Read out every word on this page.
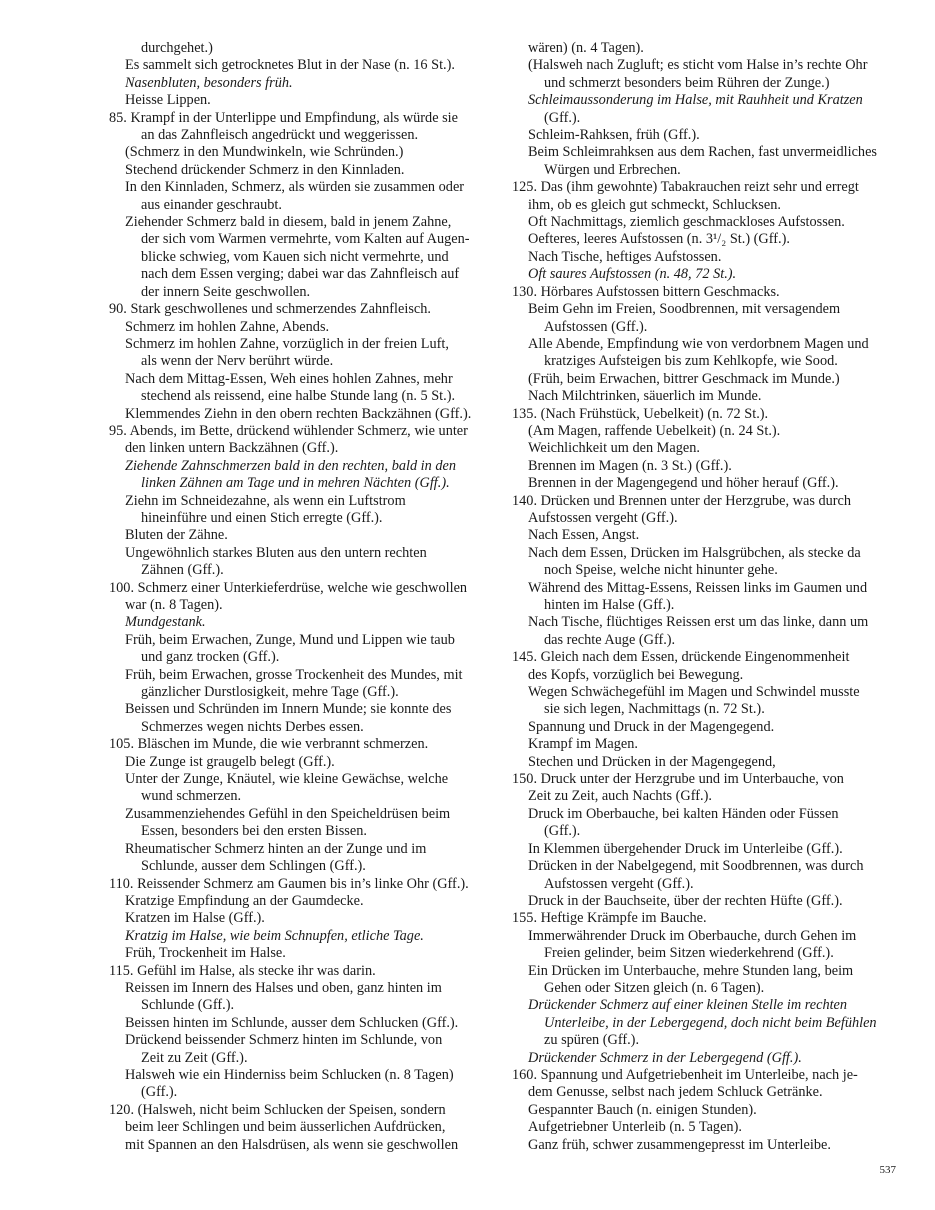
durchgehet.)

Es sammelt sich getrocknetes Blut in der Nase (n. 16 St.).

Nasenbluten, besonders früh.

Heisse Lippen.

85. Krampf in der Unterlippe und Empfindung, als würde sie

an das Zahnfleisch angedrückt und weggerissen.

(Schmerz in den Mundwinkeln, wie Schründen.)

Stechend drückender Schmerz in den Kinnladen.

In den Kinnladen, Schmerz, als würden sie zusammen oder

aus einander geschraubt.

Ziehender Schmerz bald in diesem, bald in jenem Zahne,

der sich vom Warmen vermehrte, vom Kalten auf Augen-

blicke schwieg, vom Kauen sich nicht vermehrte, und

nach dem Essen verging; dabei war das Zahnfleisch auf

der innern Seite geschwollen.

90. Stark geschwollenes und schmerzendes Zahnfleisch.

Schmerz im hohlen Zahne, Abends.

Schmerz im hohlen Zahne, vorzüglich in der freien Luft,

als wenn der Nerv berührt würde.

Nach dem Mittag-Essen, Weh eines hohlen Zahnes, mehr

stechend als reissend, eine halbe Stunde lang (n. 5 St.).

Klemmendes Ziehn in den obern rechten Backzähnen (Gff.).

95. Abends, im Bette, drückend wühlender Schmerz, wie unter

den linken untern Backzähnen (Gff.).

Ziehende Zahnschmerzen bald in den rechten, bald in den

linken Zähnen am Tage und in mehren Nächten (Gff.).

Ziehn im Schneidezahne, als wenn ein Luftstrom

hineinführe und einen Stich erregte (Gff.).

Bluten der Zähne.

Ungewöhnlich starkes Bluten aus den untern rechten

Zähnen (Gff.).

100. Schmerz einer Unterkieferdrüse, welche wie geschwollen

war (n. 8 Tagen).

Mundgestank.

Früh, beim Erwachen, Zunge, Mund und Lippen wie taub

und ganz trocken (Gff.).

Früh, beim Erwachen, grosse Trockenheit des Mundes, mit

gänzlicher Durstlosigkeit, mehre Tage (Gff.).

Beissen und Schründen im Innern Munde; sie konnte des

Schmerzes wegen nichts Derbes essen.

105. Bläschen im Munde, die wie verbrannt schmerzen.

Die Zunge ist graugelb belegt (Gff.).

Unter der Zunge, Knäutel, wie kleine Gewächse, welche

wund schmerzen.

Zusammenziehendes Gefühl in den Speicheldrüsen beim

Essen, besonders bei den ersten Bissen.

Rheumatischer Schmerz hinten an der Zunge und im

Schlunde, ausser dem Schlingen (Gff.).

110. Reissender Schmerz am Gaumen bis in’s linke Ohr (Gff.).

Kratzige Empfindung an der Gaumdecke.

Kratzen im Halse (Gff.).

Kratzig im Halse, wie beim Schnupfen, etliche Tage.

Früh, Trockenheit im Halse.

115. Gefühl im Halse, als stecke ihr was darin.

Reissen im Innern des Halses und oben, ganz hinten im

Schlunde (Gff.).

Beissen hinten im Schlunde, ausser dem Schlucken (Gff.).

Drückend beissender Schmerz hinten im Schlunde, von

Zeit zu Zeit (Gff.).

Halsweh wie ein Hinderniss beim Schlucken (n. 8 Tagen)

(Gff.).

120. (Halsweh, nicht beim Schlucken der Speisen, sondern

beim leer Schlingen und beim äusserlichen Aufdrücken,

mit Spannen an den Halsdrüsen, als wenn sie geschwollen

wären) (n. 4 Tagen).

(Halsweh nach Zugluft; es sticht vom Halse in’s rechte Ohr

und schmerzt besonders beim Rühren der Zunge.)

Schleimaussonderung im Halse, mit Rauhheit und Kratzen

(Gff.).

Schleim-Rahksen, früh (Gff.).

Beim Schleimrahksen aus dem Rachen, fast unvermeidliches

Würgen und Erbrechen.

125. Das (ihm gewohnte) Tabakrauchen reizt sehr und erregt

ihm, ob es gleich gut schmeckt, Schlucksen.

Oft Nachmittags, ziemlich geschmackloses Aufstossen.

Oefteres, leeres Aufstossen (n. 3¹/₂ St.) (Gff.).

Nach Tische, heftiges Aufstossen.

Oft saures Aufstossen (n. 48, 72 St.).

130. Hörbares Aufstossen bittern Geschmacks.

Beim Gehn im Freien, Soodbrennen, mit versagendem

Aufstossen (Gff.).

Alle Abende, Empfindung wie von verdorbnem Magen und

kratziges Aufsteigen bis zum Kehlkopfe, wie Sood.

(Früh, beim Erwachen, bittrer Geschmack im Munde.)

Nach Milchtrinken, säuerlich im Munde.

135. (Nach Frühstück, Uebelkeit) (n. 72 St.).

(Am Magen, raffende Uebelkeit) (n. 24 St.).

Weichlichkeit um den Magen.

Brennen im Magen (n. 3 St.) (Gff.).

Brennen in der Magengegend und höher herauf (Gff.).

140. Drücken und Brennen unter der Herzgrube, was durch

Aufstossen vergeht (Gff.).

Nach Essen, Angst.

Nach dem Essen, Drücken im Halsgrübchen, als stecke da

noch Speise, welche nicht hinunter gehe.

Während des Mittag-Essens, Reissen links im Gaumen und

hinten im Halse (Gff.).

Nach Tische, flüchtiges Reissen erst um das linke, dann um

das rechte Auge (Gff.).

145. Gleich nach dem Essen, drückende Eingenommenheit

des Kopfs, vorzüglich bei Bewegung.

Wegen Schwächegefühl im Magen und Schwindel musste

sie sich legen, Nachmittags (n. 72 St.).

Spannung und Druck in der Magengegend.

Krampf im Magen.

Stechen und Drücken in der Magengegend,

150. Druck unter der Herzgrube und im Unterbauche, von

Zeit zu Zeit, auch Nachts (Gff.).

Druck im Oberbauche, bei kalten Händen oder Füssen

(Gff.).

In Klemmen übergehender Druck im Unterleibe (Gff.).

Drücken in der Nabelgegend, mit Soodbrennen, was durch

Aufstossen vergeht (Gff.).

Druck in der Bauchseite, über der rechten Hüfte (Gff.).

155. Heftige Krämpfe im Bauche.

Immerwährender Druck im Oberbauche, durch Gehen im

Freien gelinder, beim Sitzen wiederkehrend (Gff.).

Ein Drücken im Unterbauche, mehre Stunden lang, beim

Gehen oder Sitzen gleich (n. 6 Tagen).

Drückender Schmerz auf einer kleinen Stelle im rechten

Unterleibe, in der Lebergegend, doch nicht beim Befühlen

zu spüren (Gff.).

Drückender Schmerz in der Lebergegend (Gff.).

160. Spannung und Aufgetriebenheit im Unterleibe, nach je-

dem Genusse, selbst nach jedem Schluck Getränke.

Gespannter Bauch (n. einigen Stunden).

Aufgetriebner Unterleib (n. 5 Tagen).

Ganz früh, schwer zusammengepresst im Unterleibe.

537
